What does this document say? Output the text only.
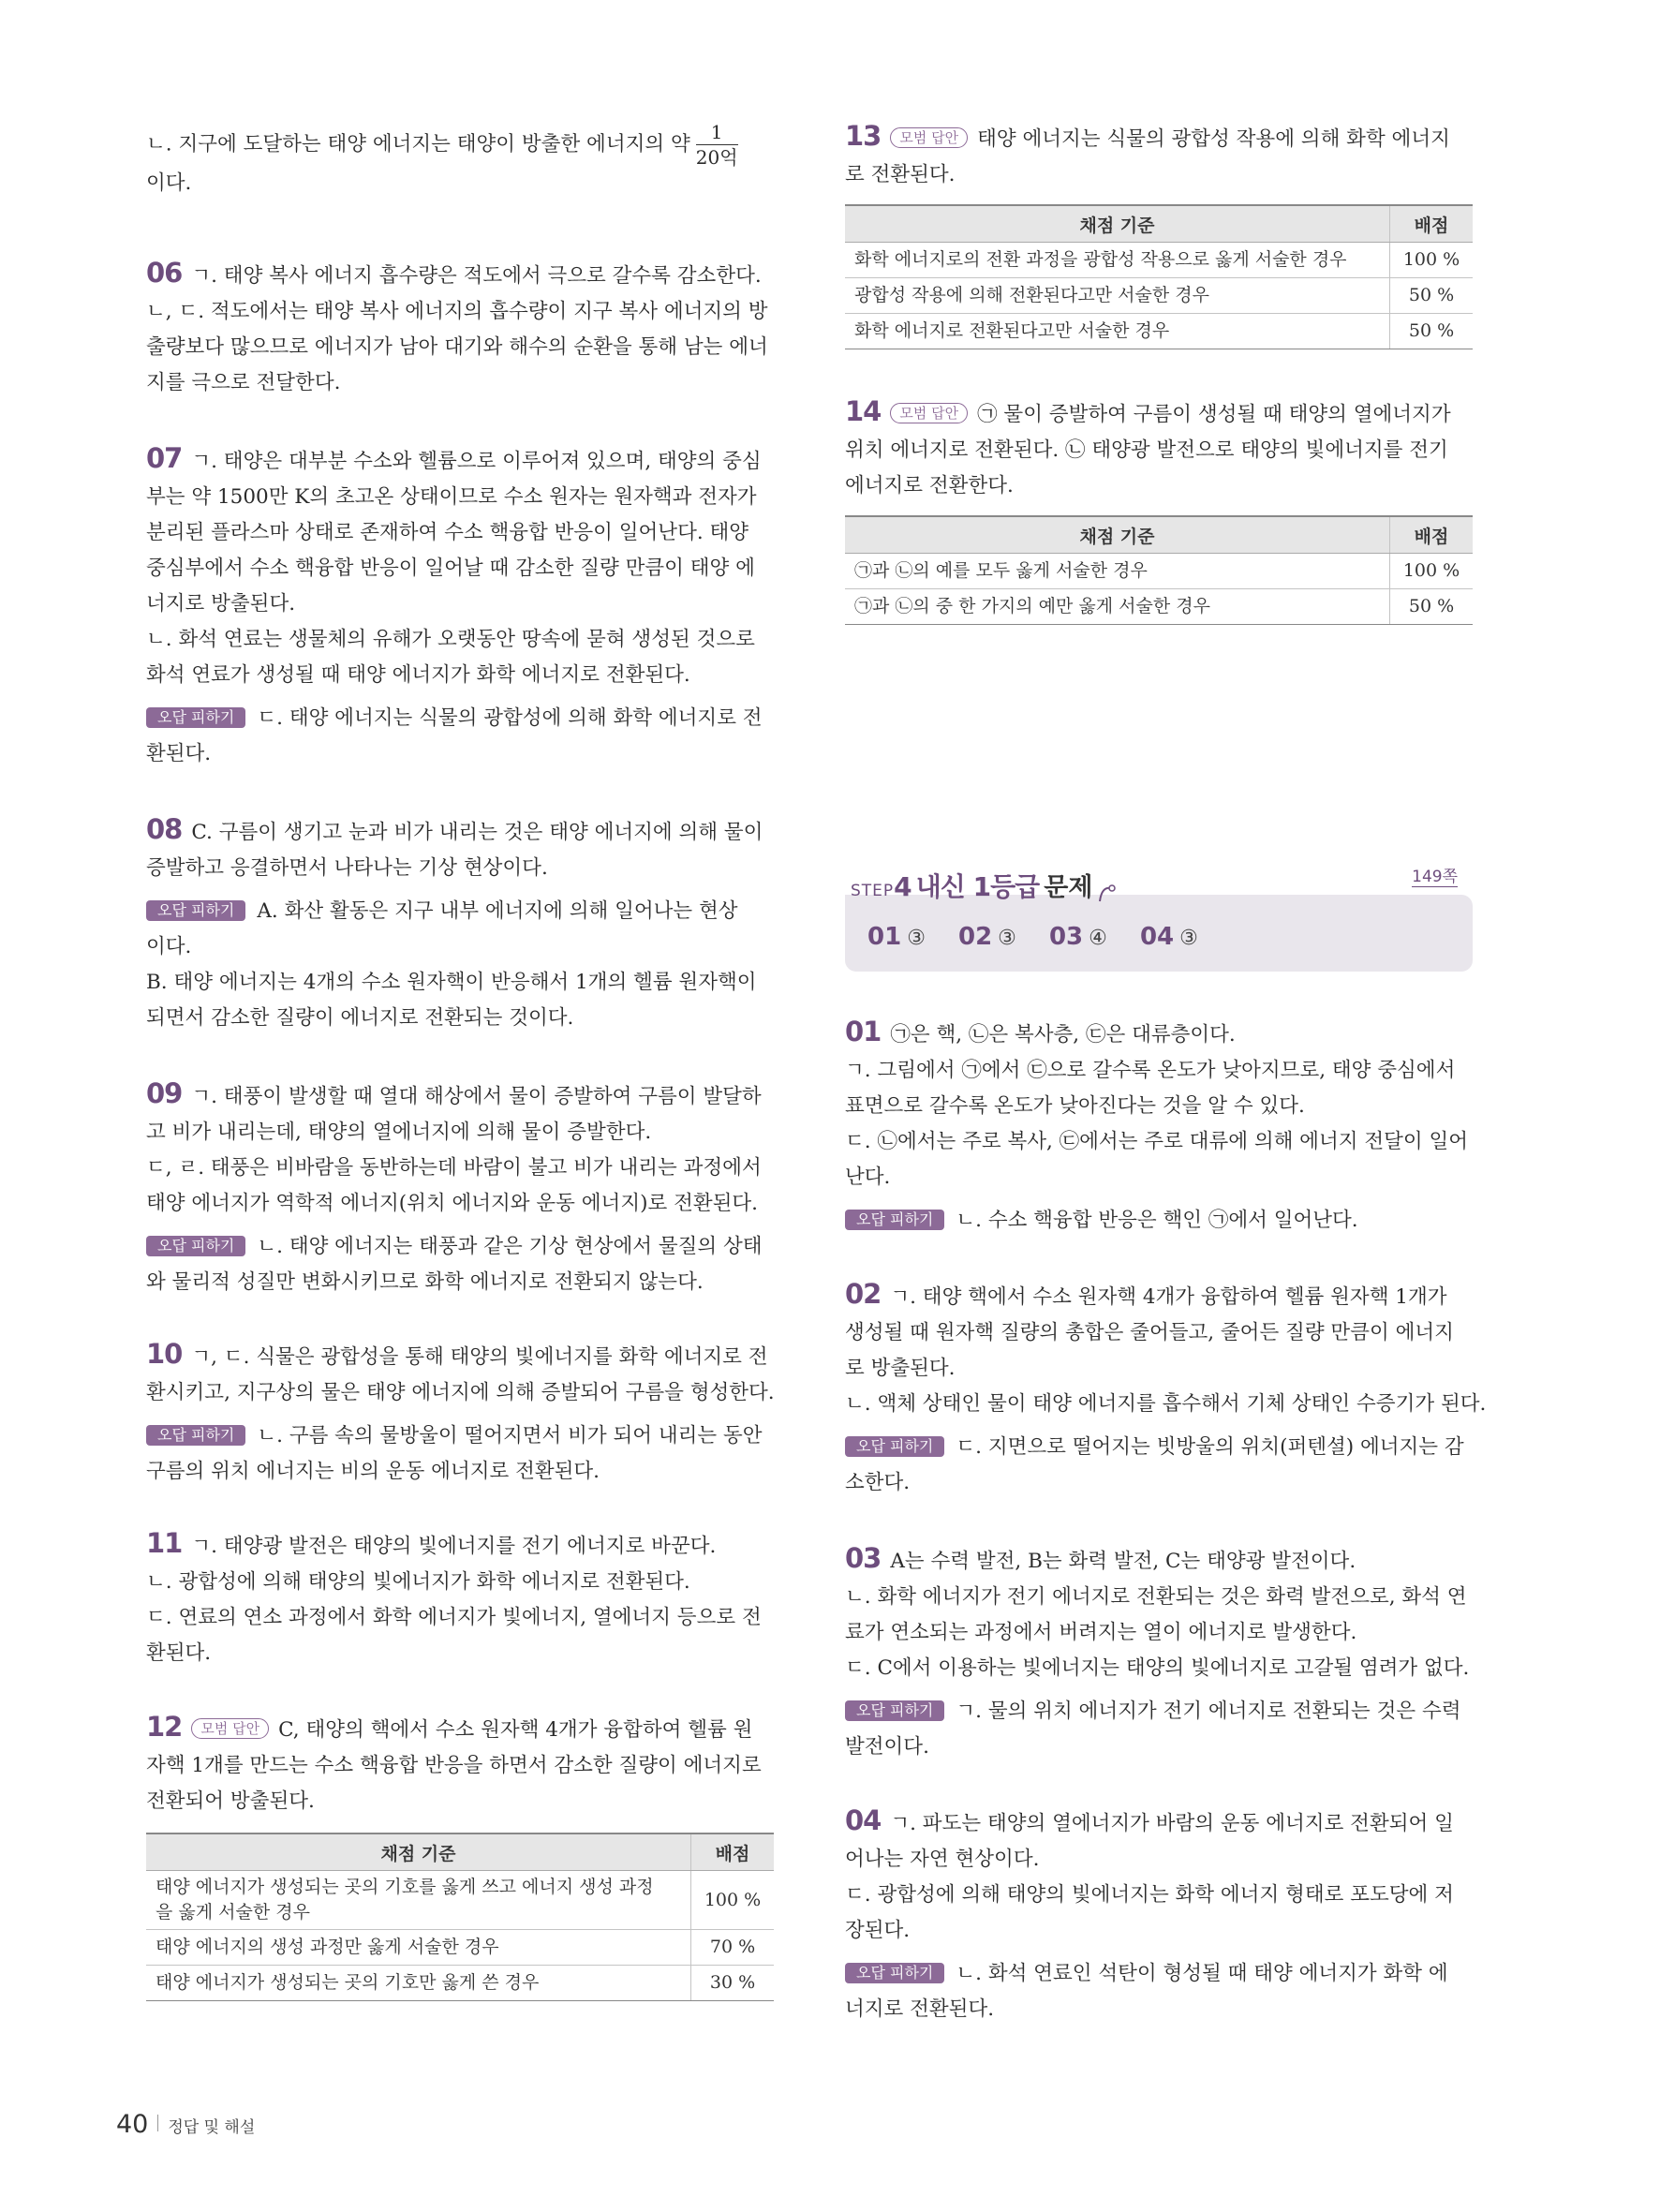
ㄴ. 지구에 도달하는 태양 에너지는 태양이 방출한 에너지의 약 $\frac{1}{\text{20억}}$
이다.
06 ㄱ. 태양 복사 에너지 흡수량은 적도에서 극으로 갈수록 감소한다.
ㄴ, ㄷ. 적도에서는 태양 복사 에너지의 흡수량이 지구 복사 에너지의 방
출량보다 많으므로 에너지가 남아 대기와 해수의 순환을 통해 남는 에너
지를 극으로 전달한다.
07 ㄱ. 태양은 대부분 수소와 헬륨으로 이루어져 있으며, 태양의 중심
부는 약 1500만 K의 초고온 상태이므로 수소 원자는 원자핵과 전자가
분리된 플라스마 상태로 존재하여 수소 핵융합 반응이 일어난다. 태양
중심부에서 수소 핵융합 반응이 일어날 때 감소한 질량 만큼이 태양 에
너지로 방출된다.
ㄴ. 화석 연료는 생물체의 유해가 오랫동안 땅속에 묻혀 생성된 것으로
화석 연료가 생성될 때 태양 에너지가 화학 에너지로 전환된다.
오답 피하기 ㄷ. 태양 에너지는 식물의 광합성에 의해 화학 에너지로 전
환된다.
08 C. 구름이 생기고 눈과 비가 내리는 것은 태양 에너지에 의해 물이
증발하고 응결하면서 나타나는 기상 현상이다.
오답 피하기 A. 화산 활동은 지구 내부 에너지에 의해 일어나는 현상
이다.
B. 태양 에너지는 4개의 수소 원자핵이 반응해서 1개의 헬륨 원자핵이
되면서 감소한 질량이 에너지로 전환되는 것이다.
09 ㄱ. 태풍이 발생할 때 열대 해상에서 물이 증발하여 구름이 발달하
고 비가 내리는데, 태양의 열에너지에 의해 물이 증발한다.
ㄷ, ㄹ. 태풍은 비바람을 동반하는데 바람이 불고 비가 내리는 과정에서
태양 에너지가 역학적 에너지(위치 에너지와 운동 에너지)로 전환된다.
오답 피하기 ㄴ. 태양 에너지는 태풍과 같은 기상 현상에서 물질의 상태
와 물리적 성질만 변화시키므로 화학 에너지로 전환되지 않는다.
10 ㄱ, ㄷ. 식물은 광합성을 통해 태양의 빛에너지를 화학 에너지로 전
환시키고, 지구상의 물은 태양 에너지에 의해 증발되어 구름을 형성한다.
오답 피하기 ㄴ. 구름 속의 물방울이 떨어지면서 비가 되어 내리는 동안
구름의 위치 에너지는 비의 운동 에너지로 전환된다.
11 ㄱ. 태양광 발전은 태양의 빛에너지를 전기 에너지로 바꾼다.
ㄴ. 광합성에 의해 태양의 빛에너지가 화학 에너지로 전환된다.
ㄷ. 연료의 연소 과정에서 화학 에너지가 빛에너지, 열에너지 등으로 전
환된다.
12 모범 답안 C, 태양의 핵에서 수소 원자핵 4개가 융합하여 헬륨 원
자핵 1개를 만드는 수소 핵융합 반응을 하면서 감소한 질량이 에너지로
전환되어 방출된다.
채점 기준	배점

태양 에너지가 생성되는 곳의 기호를 옳게 쓰고 에너지 생성 과정
을 옳게 서술한 경우	100 %
태양 에너지의 생성 과정만 옳게 서술한 경우	70 %
태양 에너지가 생성되는 곳의 기호만 옳게 쓴 경우	30 %
13 모범 답안 태양 에너지는 식물의 광합성 작용에 의해 화학 에너지
로 전환된다.
채점 기준	배점
화학 에너지로의 전환 과정을 광합성 작용으로 옳게 서술한 경우	100 %
광합성 작용에 의해 전환된다고만 서술한 경우	50 %
화학 에너지로 전환된다고만 서술한 경우	50 %
14 모범 답안 ㉠ 물이 증발하여 구름이 생성될 때 태양의 열에너지가
위치 에너지로 전환된다. ㉡ 태양광 발전으로 태양의 빛에너지를 전기
에너지로 전환한다.
채점 기준	배점
㉠과 ㉡의 예를 모두 옳게 서술한 경우	100 %
㉠과 ㉡의 중 한 가지의 예만 옳게 서술한 경우	50 %
STEP4 내신 1등급 문제	149쪽
01 ③ 02 ③ 03 ④ 04 ③
01 ㉠은 핵, ㉡은 복사층, ㉢은 대류층이다.
ㄱ. 그림에서 ㉠에서 ㉢으로 갈수록 온도가 낮아지므로, 태양 중심에서
표면으로 갈수록 온도가 낮아진다는 것을 알 수 있다.
ㄷ. ㉡에서는 주로 복사, ㉢에서는 주로 대류에 의해 에너지 전달이 일어
난다.
오답 피하기 ㄴ. 수소 핵융합 반응은 핵인 ㉠에서 일어난다.
02 ㄱ. 태양 핵에서 수소 원자핵 4개가 융합하여 헬륨 원자핵 1개가
생성될 때 원자핵 질량의 총합은 줄어들고, 줄어든 질량 만큼이 에너지
로 방출된다.
ㄴ. 액체 상태인 물이 태양 에너지를 흡수해서 기체 상태인 수증기가 된다.
오답 피하기 ㄷ. 지면으로 떨어지는 빗방울의 위치(퍼텐셜) 에너지는 감
소한다.
03 A는 수력 발전, B는 화력 발전, C는 태양광 발전이다.
ㄴ. 화학 에너지가 전기 에너지로 전환되는 것은 화력 발전으로, 화석 연
료가 연소되는 과정에서 버려지는 열이 에너지로 발생한다.
ㄷ. C에서 이용하는 빛에너지는 태양의 빛에너지로 고갈될 염려가 없다.
오답 피하기 ㄱ. 물의 위치 에너지가 전기 에너지로 전환되는 것은 수력
발전이다.
04 ㄱ. 파도는 태양의 열에너지가 바람의 운동 에너지로 전환되어 일
어나는 자연 현상이다.
ㄷ. 광합성에 의해 태양의 빛에너지는 화학 에너지 형태로 포도당에 저
장된다.
오답 피하기 ㄴ. 화석 연료인 석탄이 형성될 때 태양 에너지가 화학 에
너지로 전환된다.
40 정답 및 해설
